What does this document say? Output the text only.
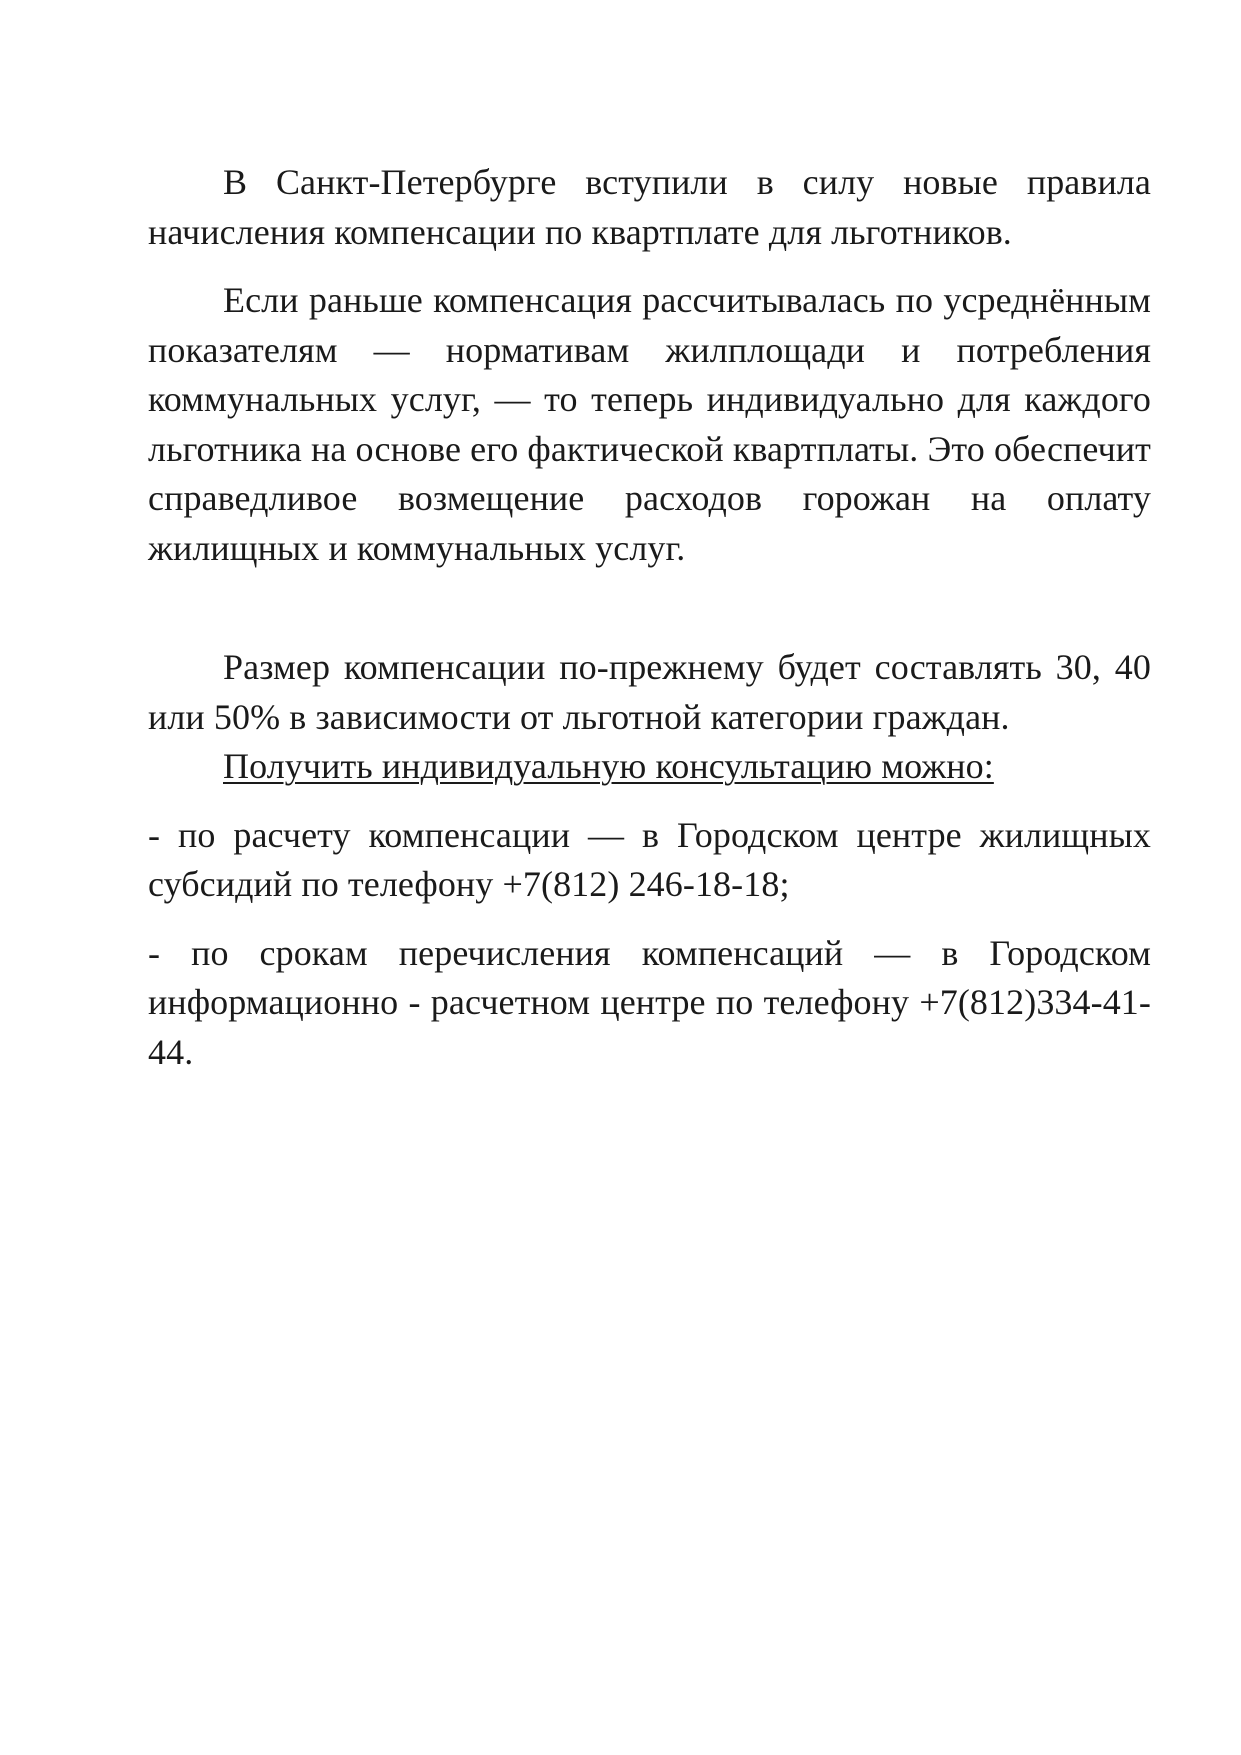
В Санкт-Петербурге вступили в силу новые правила начисления компенсации по квартплате для льготников.

Если раньше компенсация рассчитывалась по усреднённым показателям — нормативам жилплощади и потребления коммунальных услуг, — то теперь индивидуально для каждого льготника на основе его фактической квартплаты. Это обеспечит справедливое возмещение расходов горожан на оплату жилищных и коммунальных услуг.

Размер компенсации по-прежнему будет составлять 30, 40 или 50% в зависимости от льготной категории граждан.

Получить индивидуальную консультацию можно:

- по расчету компенсации — в Городском центре жилищных субсидий по телефону +7(812) 246-18-18;

- по срокам перечисления компенсаций — в Городском информационно - расчетном центре по телефону +7(812)334-41-44.
